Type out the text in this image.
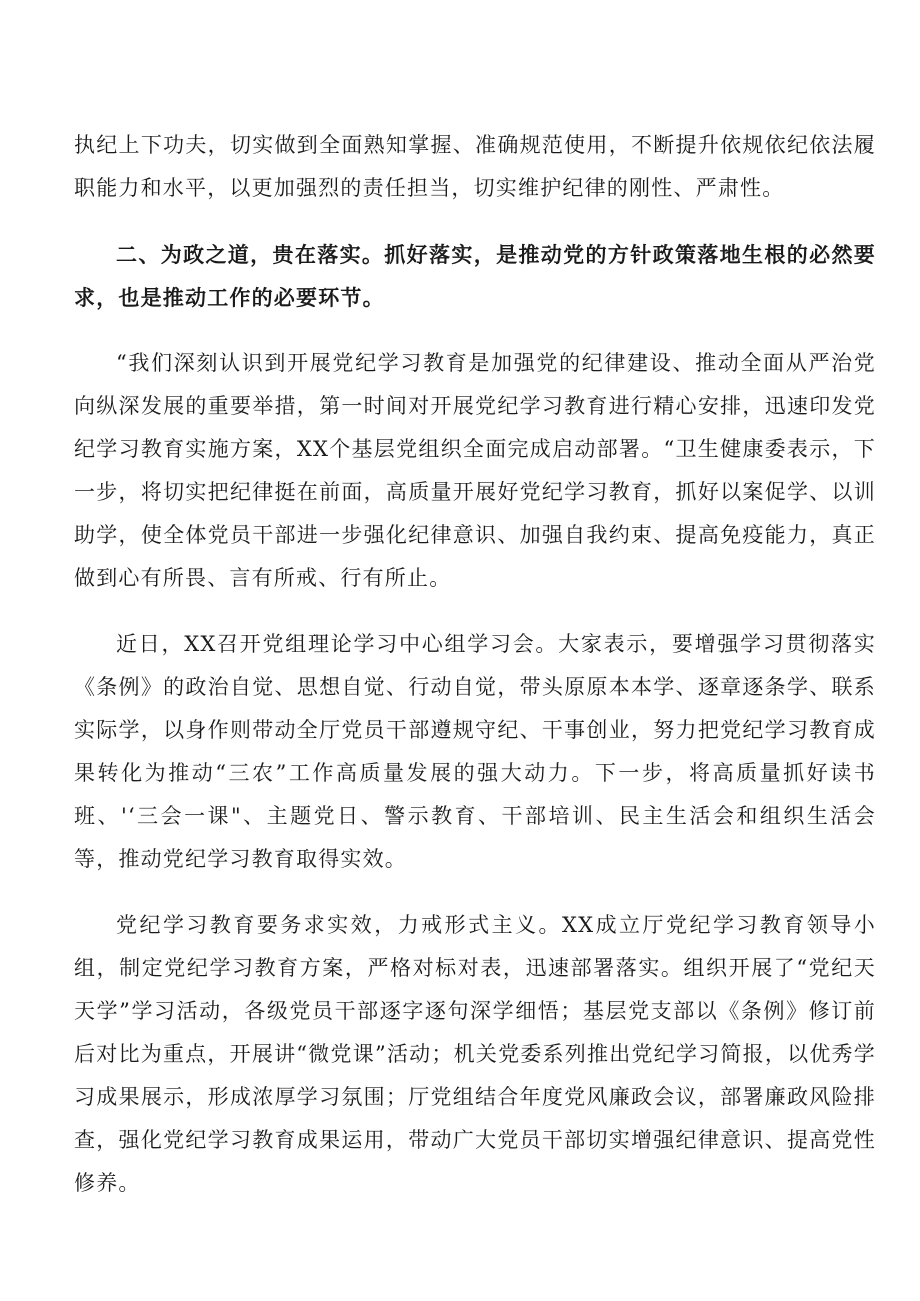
执纪上下功夫，切实做到全面熟知掌握、准确规范使用，不断提升依规依纪依法履职能力和水平，以更加强烈的责任担当，切实维护纪律的刚性、严肃性。

二、为政之道，贵在落实。抓好落实，是推动党的方针政策落地生根的必然要求，也是推动工作的必要环节。

“我们深刻认识到开展党纪学习教育是加强党的纪律建设、推动全面从严治党向纵深发展的重要举措，第一时间对开展党纪学习教育进行精心安排，迅速印发党纪学习教育实施方案，XX个基层党组织全面完成启动部署。“卫生健康委表示，下一步，将切实把纪律挺在前面，高质量开展好党纪学习教育，抓好以案促学、以训助学，使全体党员干部进一步强化纪律意识、加强自我约束、提高免疫能力，真正做到心有所畏、言有所戒、行有所止。

近日，XX召开党组理论学习中心组学习会。大家表示，要增强学习贯彻落实《条例》的政治自觉、思想自觉、行动自觉，带头原原本本学、逐章逐条学、联系实际学，以身作则带动全厅党员干部遵规守纪、干事创业，努力把党纪学习教育成果转化为推动“三农”工作高质量发展的强大动力。下一步，将高质量抓好读书班、'‘三会一课"、主题党日、警示教育、干部培训、民主生活会和组织生活会等，推动党纪学习教育取得实效。

党纪学习教育要务求实效，力戒形式主义。XX成立厅党纪学习教育领导小组，制定党纪学习教育方案，严格对标对表，迅速部署落实。组织开展了“党纪天天学”学习活动，各级党员干部逐字逐句深学细悟；基层党支部以《条例》修订前后对比为重点，开展讲“微党课”活动；机关党委系列推出党纪学习简报，以优秀学习成果展示，形成浓厚学习氛围；厅党组结合年度党风廉政会议，部署廉政风险排查，强化党纪学习教育成果运用，带动广大党员干部切实增强纪律意识、提高党性修养。
